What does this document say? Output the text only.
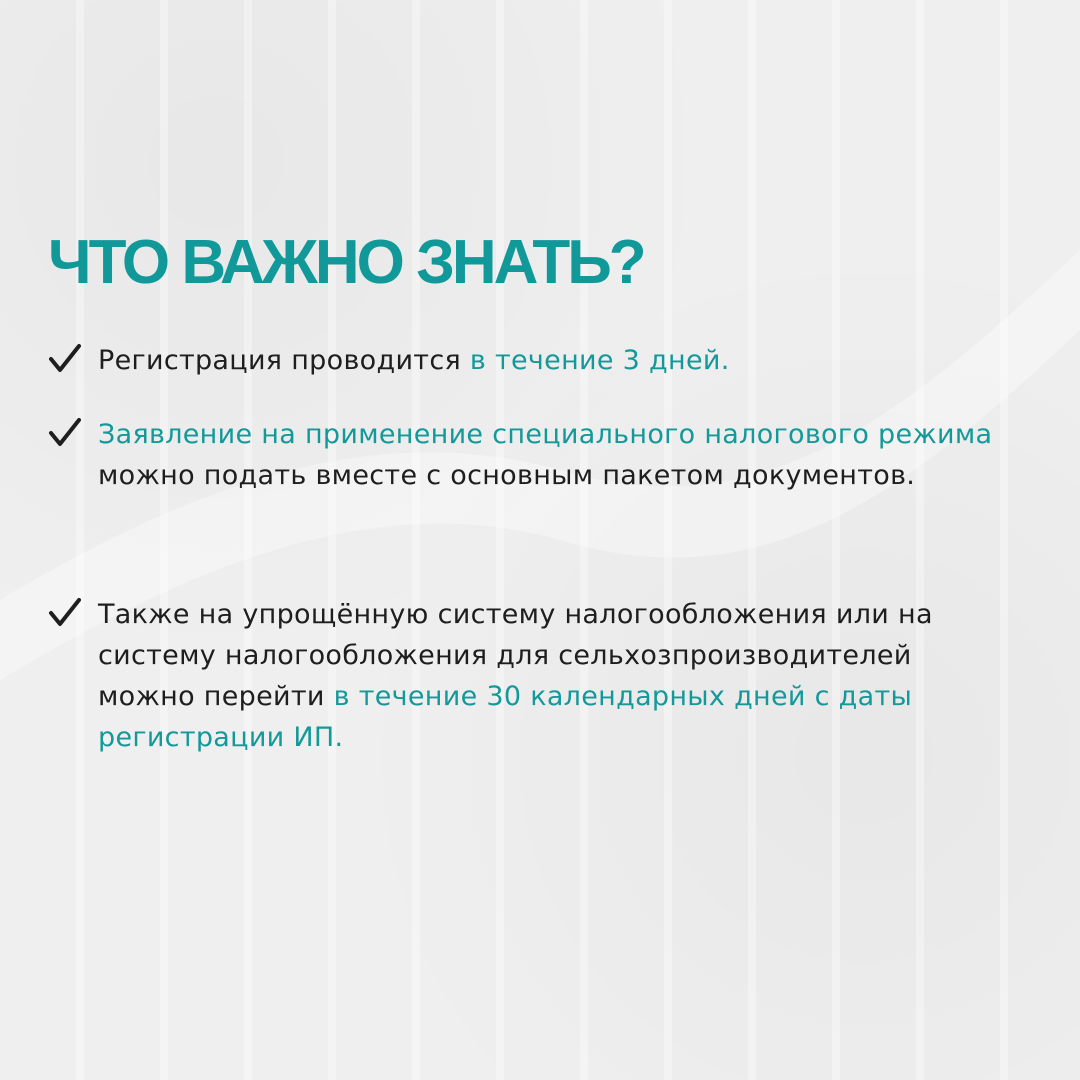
ЧТО ВАЖНО ЗНАТЬ?
Регистрация проводится в течение 3 дней.
Заявление на применение специального налогового режима можно подать вместе с основным пакетом документов.
Также на упрощённую систему налогообложения или на систему налогообложения для сельхозпроизводителей можно перейти в течение 30 календарных дней с даты регистрации ИП.
